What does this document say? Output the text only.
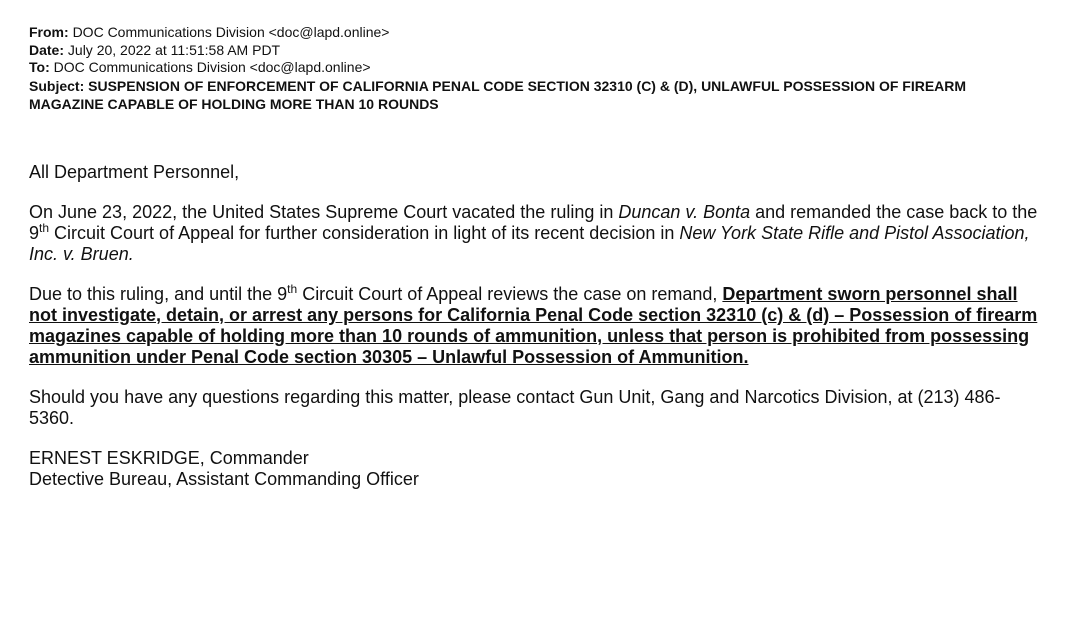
From: DOC Communications Division <doc@lapd.online>
Date: July 20, 2022 at 11:51:58 AM PDT
To: DOC Communications Division <doc@lapd.online>
Subject: SUSPENSION OF ENFORCEMENT OF CALIFORNIA PENAL CODE SECTION 32310 (C) & (D), UNLAWFUL POSSESSION OF FIREARM MAGAZINE CAPABLE OF HOLDING MORE THAN 10 ROUNDS

All Department Personnel,

On June 23, 2022, the United States Supreme Court vacated the ruling in Duncan v. Bonta and remanded the case back to the 9th Circuit Court of Appeal for further consideration in light of its recent decision in New York State Rifle and Pistol Association, Inc. v. Bruen.

Due to this ruling, and until the 9th Circuit Court of Appeal reviews the case on remand, Department sworn personnel shall not investigate, detain, or arrest any persons for California Penal Code section 32310 (c) & (d) – Possession of firearm magazines capable of holding more than 10 rounds of ammunition, unless that person is prohibited from possessing ammunition under Penal Code section 30305 – Unlawful Possession of Ammunition.

Should you have any questions regarding this matter, please contact Gun Unit, Gang and Narcotics Division, at (213) 486-5360.

ERNEST ESKRIDGE, Commander
Detective Bureau, Assistant Commanding Officer
